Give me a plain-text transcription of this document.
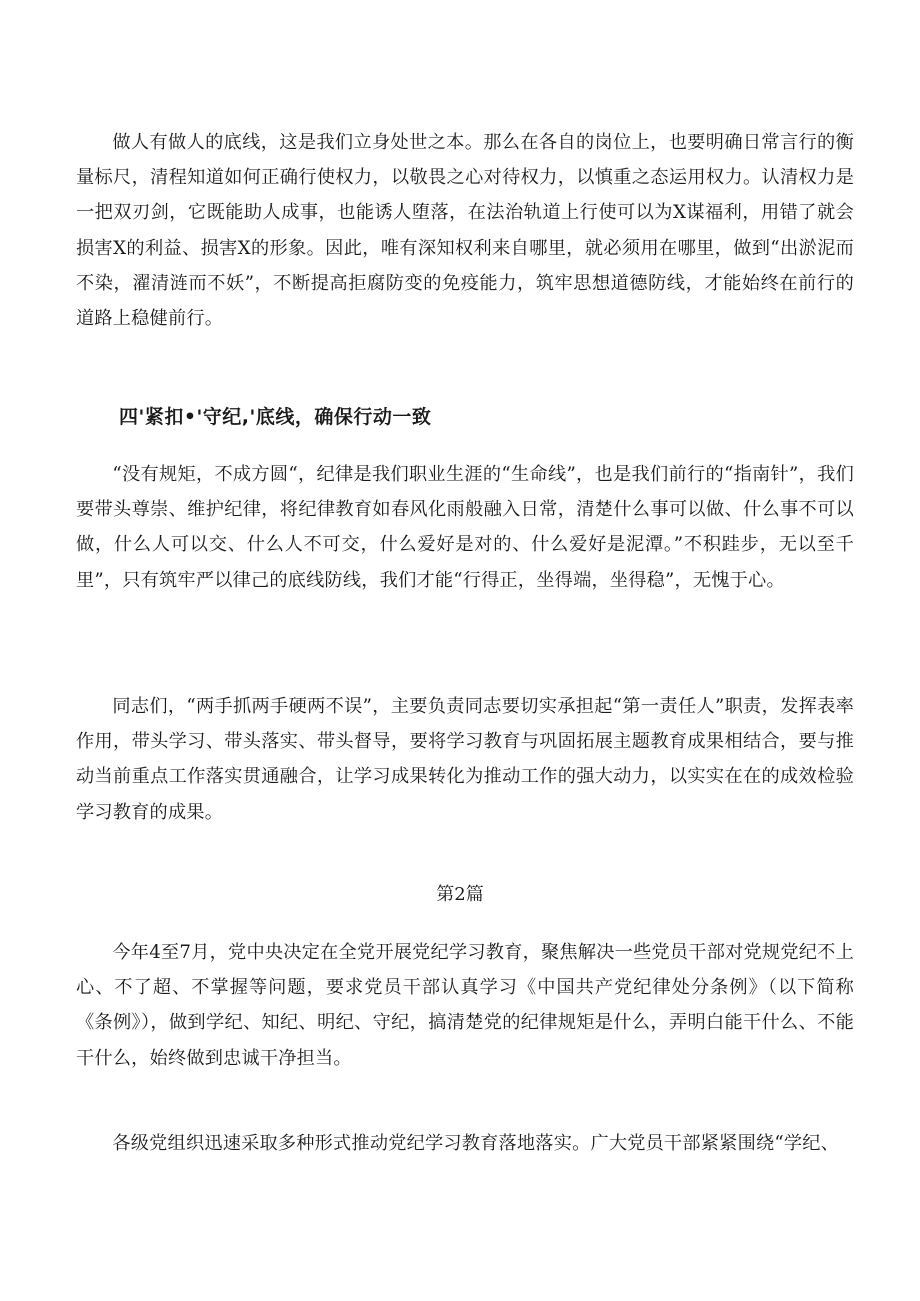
做人有做人的底线，这是我们立身处世之本。那么在各自的岗位上，也要明确日常言行的衡量标尺，清程知道如何正确行使权力，以敬畏之心对待权力，以慎重之态运用权力。认清权力是一把双刃剑，它既能助人成事，也能诱人堕落，在法治轨道上行使可以为X谋福利，用错了就会损害X的利益、损害X的形象。因此，唯有深知权利来自哪里，就必须用在哪里，做到“出淤泥而不染，濯清涟而不妖”，不断提高拒腐防变的免疫能力，筑牢思想道德防线，才能始终在前行的道路上稳健前行。

四'紧扣•'守纪,'底线，确保行动一致

“没有规矩，不成方圆“，纪律是我们职业生涯的“生命线”，也是我们前行的“指南针”，我们要带头尊崇、维护纪律，将纪律教育如春风化雨般融入日常，清楚什么事可以做、什么事不可以做，什么人可以交、什么人不可交，什么爱好是对的、什么爱好是泥潭。”不积跬步，无以至千里”，只有筑牢严以律己的底线防线，我们才能“行得正，坐得端，坐得稳”，无愧于心。

同志们，“两手抓两手硬两不误”，主要负责同志要切实承担起“第一责任人”职责，发挥表率作用，带头学习、带头落实、带头督导，要将学习教育与巩固拓展主题教育成果相结合，要与推动当前重点工作落实贯通融合，让学习成果转化为推动工作的强大动力，以实实在在的成效检验学习教育的成果。

第2篇

今年4至7月，党中央决定在全党开展党纪学习教育，聚焦解决一些党员干部对党规党纪不上心、不了超、不掌握等问题，要求党员干部认真学习《中国共产党纪律处分条例》（以下简称《条例》），做到学纪、知纪、明纪、守纪，搞清楚党的纪律规矩是什么，弄明白能干什么、不能干什么，始终做到忠诚干净担当。

各级党组织迅速采取多种形式推动党纪学习教育落地落实。广大党员干部紧紧围绕“学纪、
